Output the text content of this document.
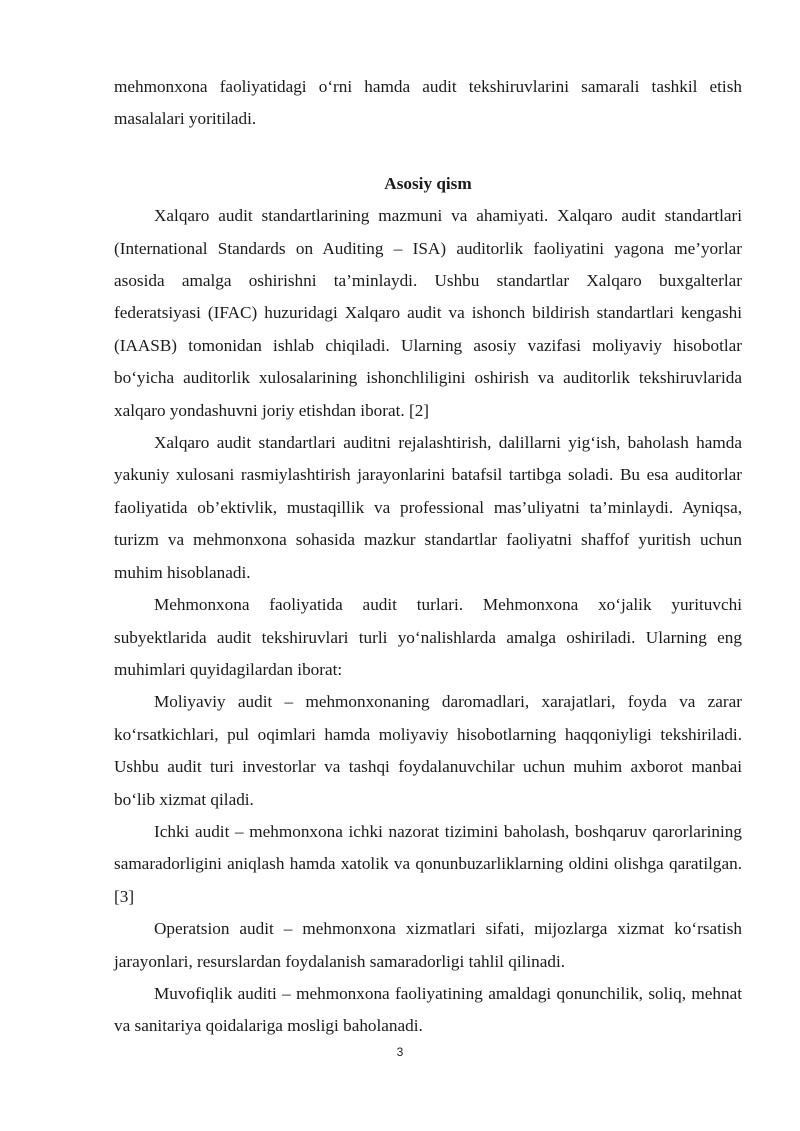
mehmonxona faoliyatidagi o‘rni hamda audit tekshiruvlarini samarali tashkil etish masalalari yoritiladi.

Asosiy qism

Xalqaro audit standartlarining mazmuni va ahamiyati. Xalqaro audit standartlari (International Standards on Auditing – ISA) auditorlik faoliyatini yagona me’yorlar asosida amalga oshirishni ta’minlaydi. Ushbu standartlar Xalqaro buxgalterlar federatsiyasi (IFAC) huzuridagi Xalqaro audit va ishonch bildirish standartlari kengashi (IAASB) tomonidan ishlab chiqiladi. Ularning asosiy vazifasi moliyaviy hisobotlar bo‘yicha auditorlik xulosalarining ishonchliligini oshirish va auditorlik tekshiruvlarida xalqaro yondashuvni joriy etishdan iborat. [2]

Xalqaro audit standartlari auditni rejalashtirish, dalillarni yig‘ish, baholash hamda yakuniy xulosani rasmiylashtirish jarayonlarini batafsil tartibga soladi. Bu esa auditorlar faoliyatida ob’ektivlik, mustaqillik va professional mas’uliyatni ta’minlaydi. Ayniqsa, turizm va mehmonxona sohasida mazkur standartlar faoliyatni shaffof yuritish uchun muhim hisoblanadi.

Mehmonxona faoliyatida audit turlari. Mehmonxona xo‘jalik yurituvchi subyektlarida audit tekshiruvlari turli yo‘nalishlarda amalga oshiriladi. Ularning eng muhimlari quyidagilardan iborat:

Moliyaviy audit – mehmonxonaning daromadlari, xarajatlari, foyda va zarar ko‘rsatkichlari, pul oqimlari hamda moliyaviy hisobotlarning haqqoniyligi tekshiriladi. Ushbu audit turi investorlar va tashqi foydalanuvchilar uchun muhim axborot manbai bo‘lib xizmat qiladi.

Ichki audit – mehmonxona ichki nazorat tizimini baholash, boshqaruv qarorlarining samaradorligini aniqlash hamda xatolik va qonunbuzarliklarning oldini olishga qaratilgan. [3]

Operatsion audit – mehmonxona xizmatlari sifati, mijozlarga xizmat ko‘rsatish jarayonlari, resurslardan foydalanish samaradorligi tahlil qilinadi.

Muvofiqlik auditi – mehmonxona faoliyatining amaldagi qonunchilik, soliq, mehnat va sanitariya qoidalariga mosligi baholanadi.

3
